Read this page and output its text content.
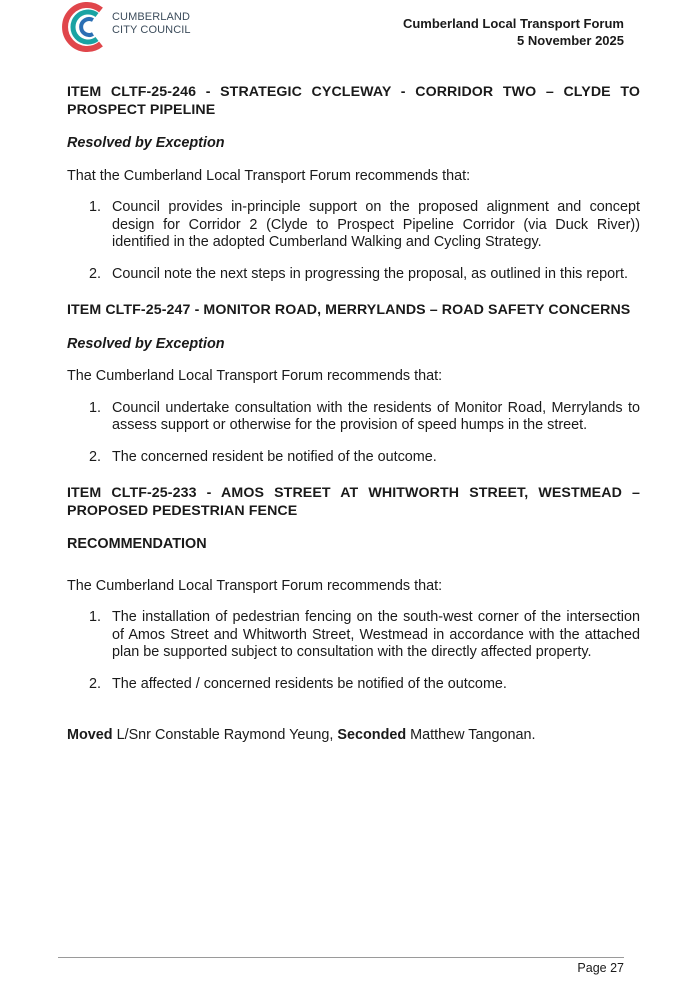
CUMBERLAND
CITY COUNCIL	Cumberland Local Transport Forum
5 November 2025

ITEM CLTF-25-246 - STRATEGIC CYCLEWAY - CORRIDOR TWO – CLYDE TO PROSPECT PIPELINE

Resolved by Exception

That the Cumberland Local Transport Forum recommends that:

1. Council provides in-principle support on the proposed alignment and concept design for Corridor 2 (Clyde to Prospect Pipeline Corridor (via Duck River)) identified in the adopted Cumberland Walking and Cycling Strategy.
2. Council note the next steps in progressing the proposal, as outlined in this report.

ITEM CLTF-25-247 - MONITOR ROAD, MERRYLANDS – ROAD SAFETY CONCERNS

Resolved by Exception

The Cumberland Local Transport Forum recommends that:

1. Council undertake consultation with the residents of Monitor Road, Merrylands to assess support or otherwise for the provision of speed humps in the street.
2. The concerned resident be notified of the outcome.

ITEM CLTF-25-233 - AMOS STREET AT WHITWORTH STREET, WESTMEAD – PROPOSED PEDESTRIAN FENCE

RECOMMENDATION

The Cumberland Local Transport Forum recommends that:

1. The installation of pedestrian fencing on the south-west corner of the intersection of Amos Street and Whitworth Street, Westmead in accordance with the attached plan be supported subject to consultation with the directly affected property.
2. The affected / concerned residents be notified of the outcome.

Moved L/Snr Constable Raymond Yeung, Seconded Matthew Tangonan.

Page 27
